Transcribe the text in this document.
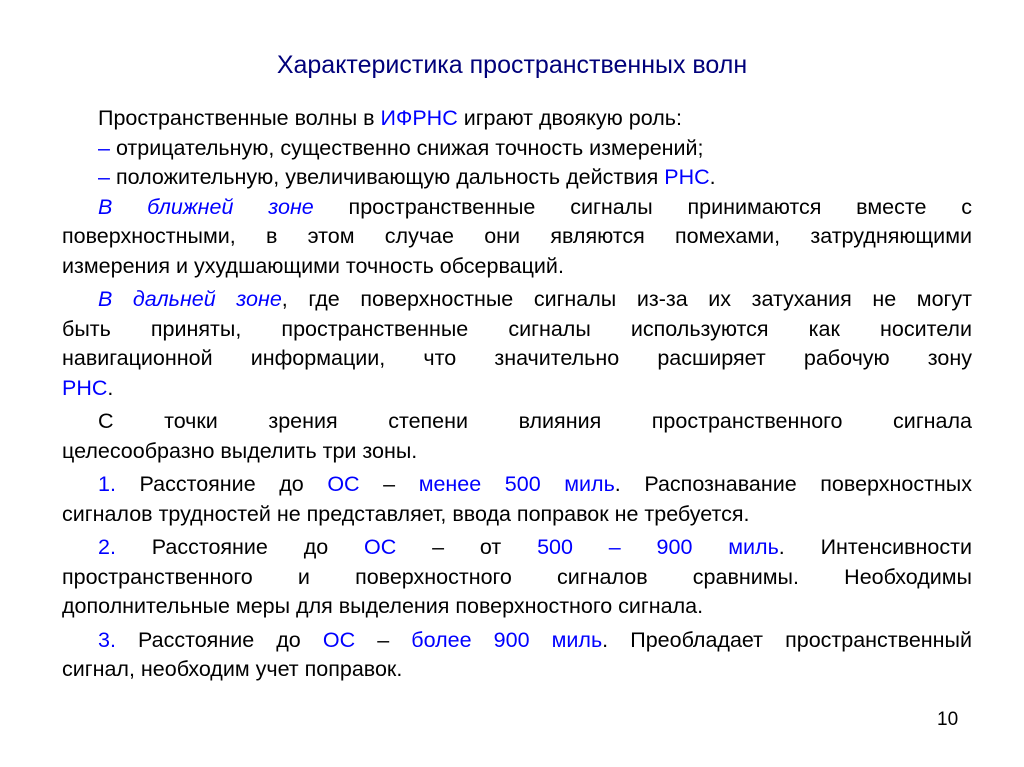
Характеристика пространственных волн
Пространственные волны в ИФРНС играют двоякую роль:
– отрицательную, существенно снижая точность измерений;
– положительную, увеличивающую дальность действия РНС.
В ближней зоне пространственные сигналы принимаются вместе с
поверхностными, в этом случае они являются помехами, затрудняющими
измерения и ухудшающими точность обсерваций.
В дальней зоне, где поверхностные сигналы из-за их затухания не могут
быть приняты, пространственные сигналы используются как носители
навигационной информации, что значительно расширяет рабочую зону
РНС.
С точки зрения степени влияния пространственного сигнала
целесообразно выделить три зоны.
1. Расстояние до ОС – менее 500 миль. Распознавание поверхностных
сигналов трудностей не представляет, ввода поправок не требуется.
2. Расстояние до ОС – от 500 – 900 миль. Интенсивности
пространственного и поверхностного сигналов сравнимы. Необходимы
дополнительные меры для выделения поверхностного сигнала.
3. Расстояние до ОС – более 900 миль. Преобладает пространственный
сигнал, необходим учет поправок.
10
